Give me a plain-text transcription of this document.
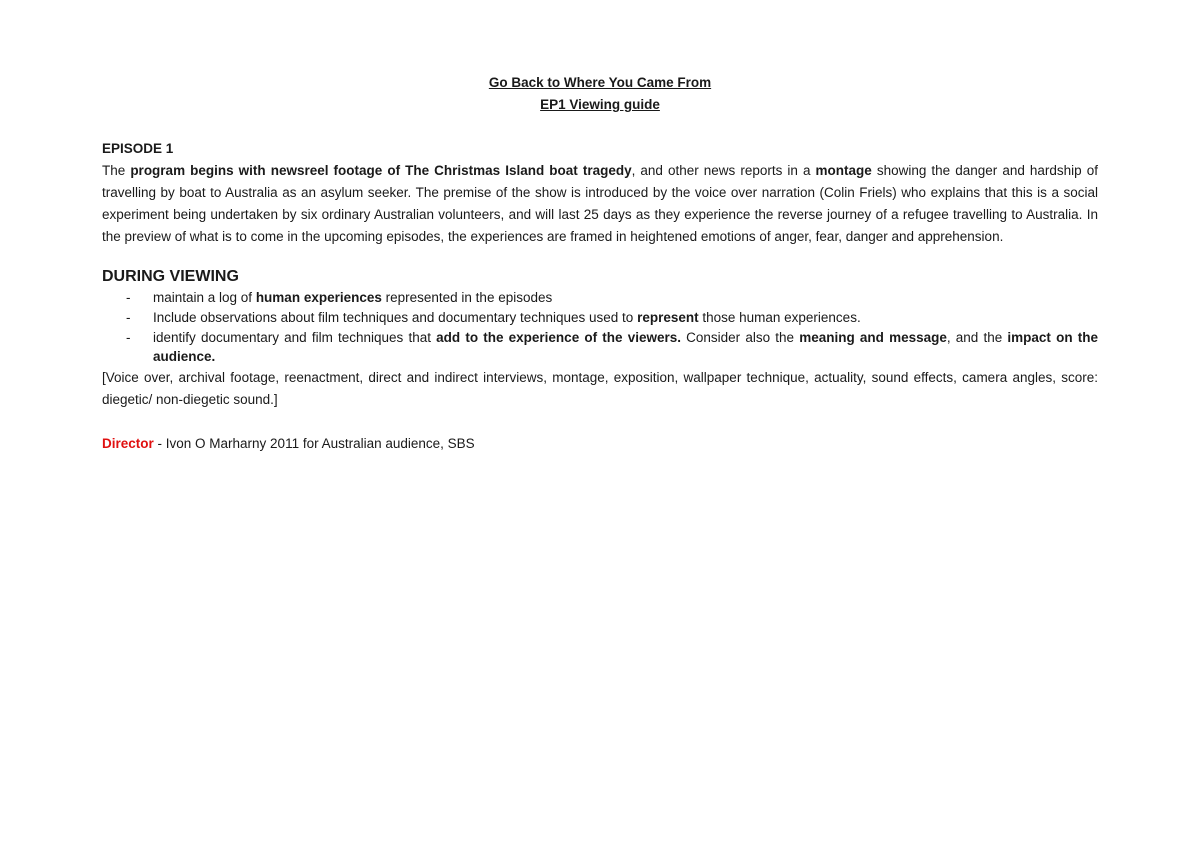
Go Back to Where You Came From

EP1 Viewing guide

EPISODE 1

The program begins with newsreel footage of The Christmas Island boat tragedy, and other news reports in a montage showing the danger and hardship of travelling by boat to Australia as an asylum seeker. The premise of the show is introduced by the voice over narration (Colin Friels) who explains that this is a social experiment being undertaken by six ordinary Australian volunteers, and will last 25 days as they experience the reverse journey of a refugee travelling to Australia. In the preview of what is to come in the upcoming episodes, the experiences are framed in heightened emotions of anger, fear, danger and apprehension.

DURING VIEWING

- maintain a log of human experiences represented in the episodes
- Include observations about film techniques and documentary techniques used to represent those human experiences.
- identify documentary and film techniques that add to the experience of the viewers. Consider also the meaning and message, and the impact on the audience.

[Voice over, archival footage, reenactment, direct and indirect interviews, montage, exposition, wallpaper technique, actuality, sound effects, camera angles, score: diegetic/ non-diegetic sound.]

Director - Ivon O Marharny 2011 for Australian audience, SBS
